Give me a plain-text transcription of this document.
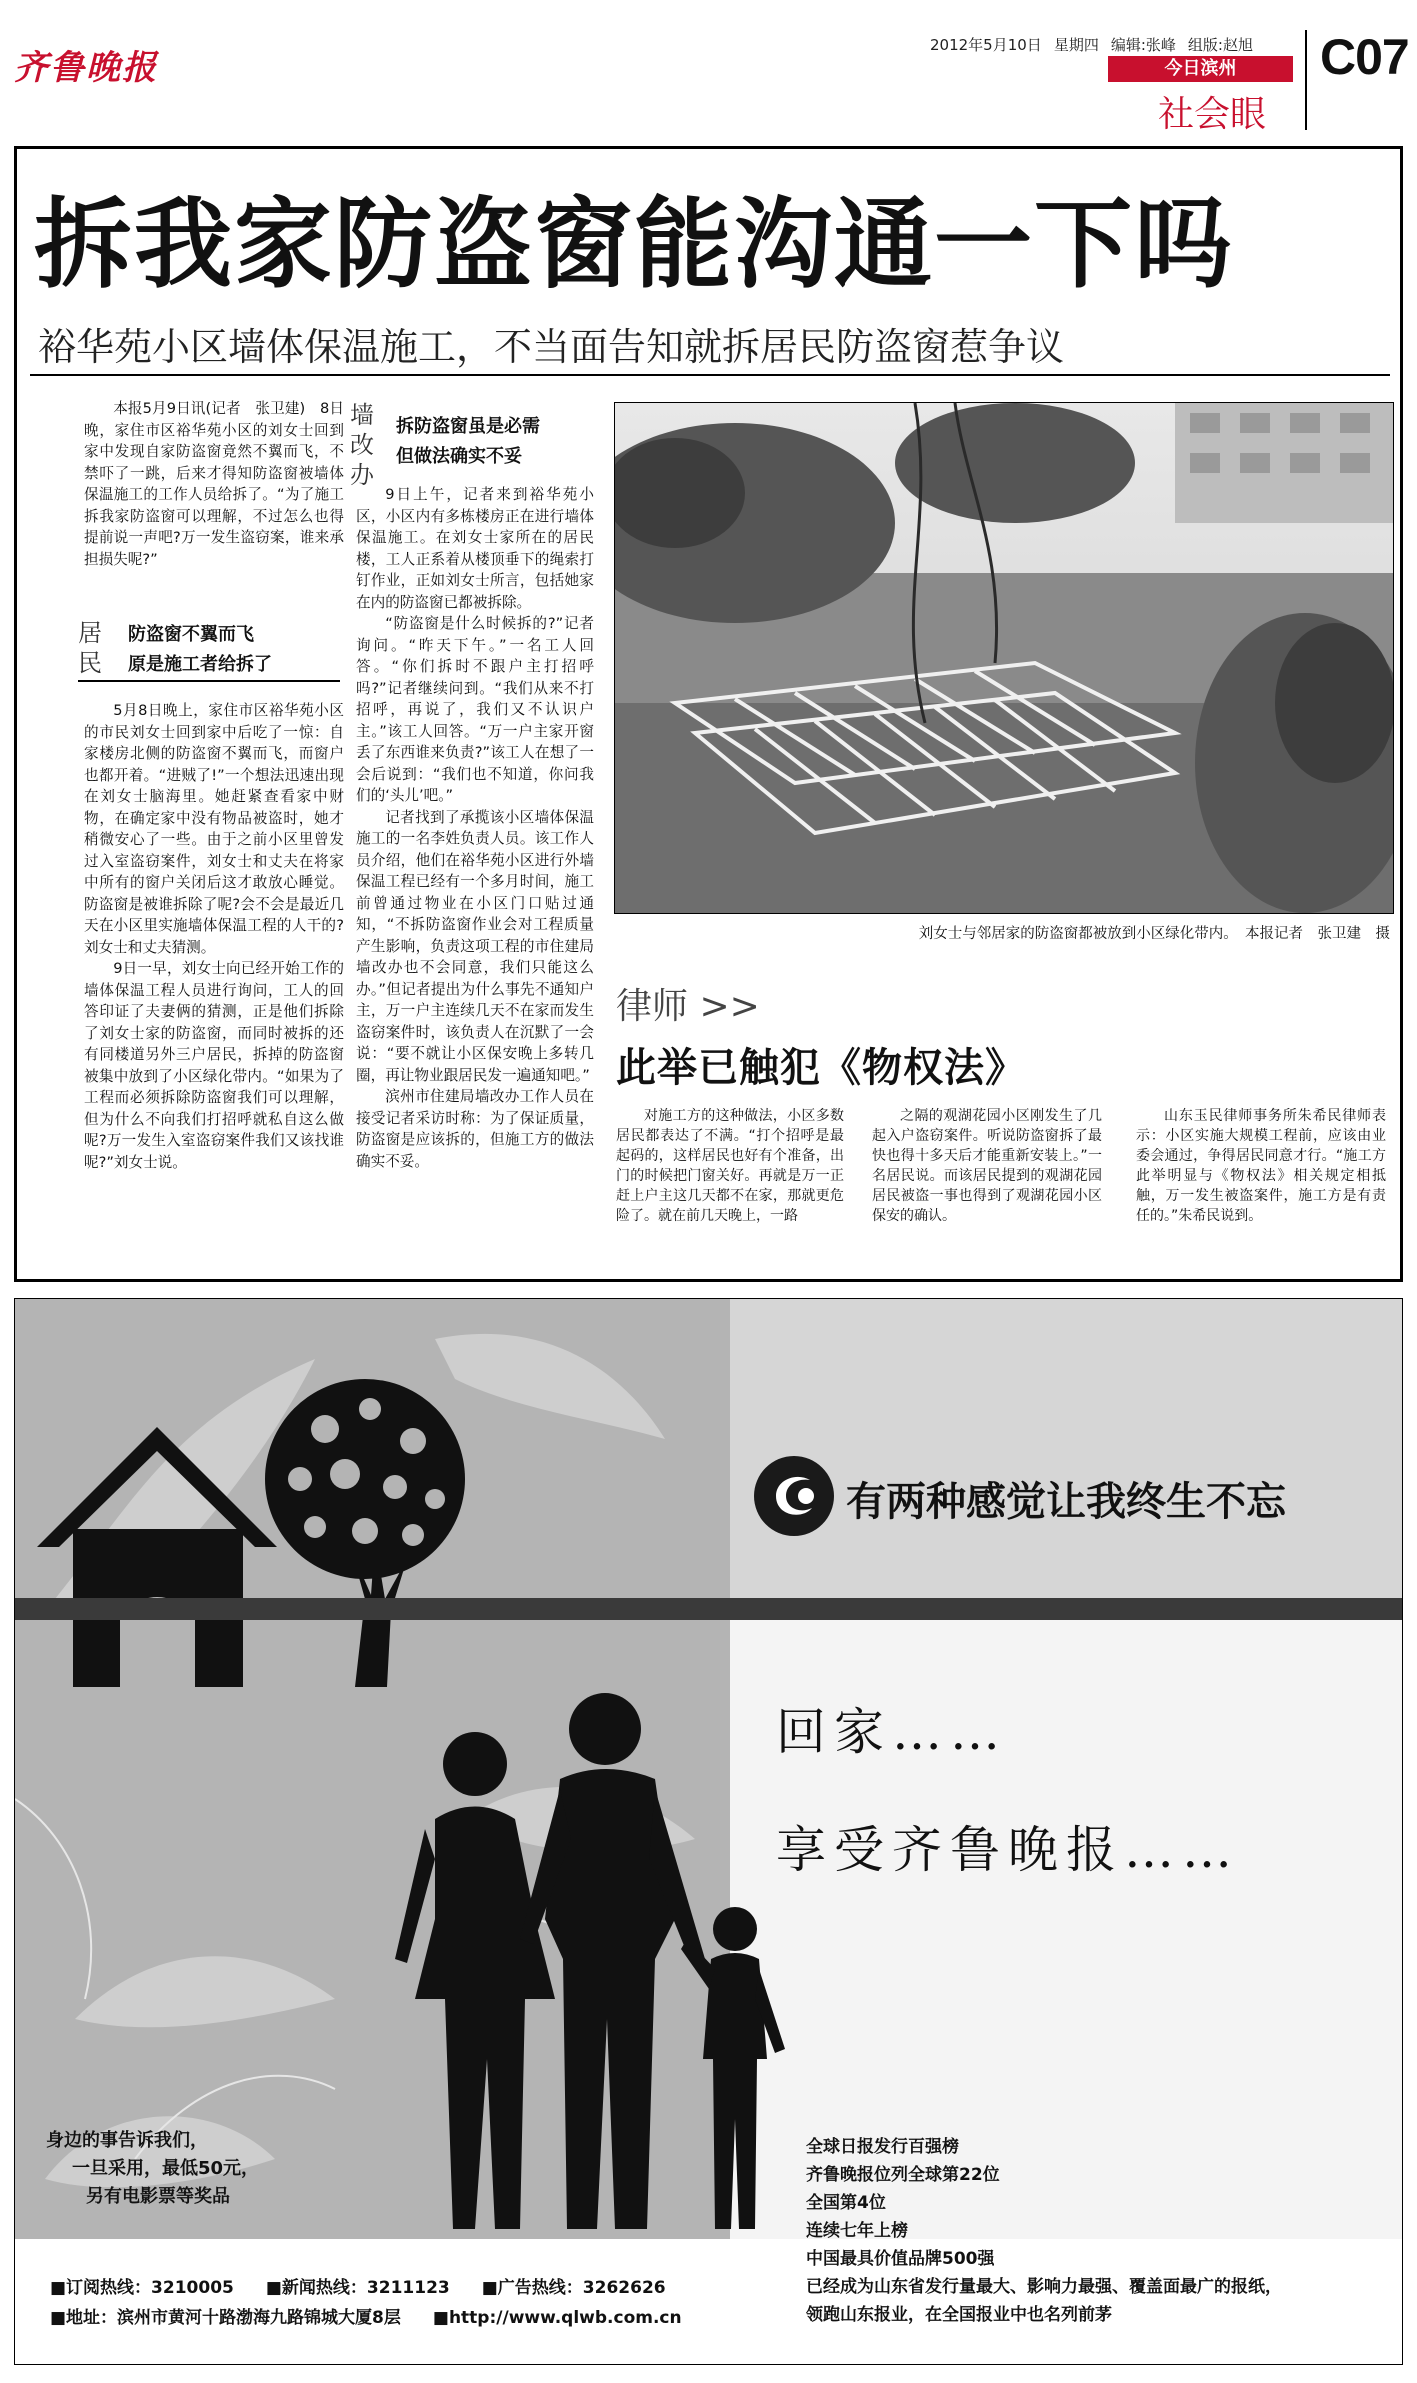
齐鲁晚报
2012年5月10日 星期四 编辑:张峰 组版:赵旭
今日滨州
社会眼
C07
拆我家防盗窗能沟通一下吗
裕华苑小区墙体保温施工，不当面告知就拆居民防盗窗惹争议

本报5月9日讯(记者　张卫建)　8日晚，家住市区裕华苑小区的刘女士回到家中发现自家防盗窗竟然不翼而飞，不禁吓了一跳，后来才得知防盗窗被墙体保温施工的工作人员给拆了。“为了施工拆我家防盗窗可以理解，不过怎么也得提前说一声吧?万一发生盗窃案，谁来承担损失呢?”

居民
防盗窗不翼而飞
原是施工者给拆了

5月8日晚上，家住市区裕华苑小区的市民刘女士回到家中后吃了一惊：自家楼房北侧的防盗窗不翼而飞，而窗户也都开着。“进贼了!”一个想法迅速出现在刘女士脑海里。她赶紧查看家中财物，在确定家中没有物品被盗时，她才稍微安心了一些。由于之前小区里曾发过入室盗窃案件，刘女士和丈夫在将家中所有的窗户关闭后这才敢放心睡觉。防盗窗是被谁拆除了呢?会不会是最近几天在小区里实施墙体保温工程的人干的?刘女士和丈夫猜测。

9日一早，刘女士向已经开始工作的墙体保温工程人员进行询问，工人的回答印证了夫妻俩的猜测，正是他们拆除了刘女士家的防盗窗，而同时被拆的还有同楼道另外三户居民，拆掉的防盗窗被集中放到了小区绿化带内。“如果为了工程而必须拆除防盗窗我们可以理解，但为什么不向我们打招呼就私自这么做呢?万一发生入室盗窃案件我们又该找谁呢?”刘女士说。

墙改办
拆防盗窗虽是必需
但做法确实不妥

9日上午，记者来到裕华苑小区，小区内有多栋楼房正在进行墙体保温施工。在刘女士家所在的居民楼，工人正系着从楼顶垂下的绳索打钉作业，正如刘女士所言，包括她家在内的防盗窗已都被拆除。

“防盗窗是什么时候拆的?”记者询问。“昨天下午。”一名工人回答。“你们拆时不跟户主打招呼吗?”记者继续问到。“我们从来不打招呼，再说了，我们又不认识户主。”该工人回答。“万一户主家开窗丢了东西谁来负责?”该工人在想了一会后说到：“我们也不知道，你问我们的‘头儿’吧。”

记者找到了承揽该小区墙体保温施工的一名李姓负责人员。该工作人员介绍，他们在裕华苑小区进行外墙保温工程已经有一个多月时间，施工前曾通过物业在小区门口贴过通知，“不拆防盗窗作业会对工程质量产生影响，负责这项工程的市住建局墙改办也不会同意，我们只能这么办。”但记者提出为什么事先不通知户主，万一户主连续几天不在家而发生盗窃案件时，该负责人在沉默了一会说：“要不就让小区保安晚上多转几圈，再让物业跟居民发一遍通知吧。”

滨州市住建局墙改办工作人员在接受记者采访时称：为了保证质量，防盗窗是应该拆的，但施工方的做法确实不妥。

刘女士与邻居家的防盗窗都被放到小区绿化带内。　本报记者　张卫建　摄
律师 >>
此举已触犯《物权法》

对施工方的这种做法，小区多数居民都表达了不满。“打个招呼是最起码的，这样居民也好有个准备，出门的时候把门窗关好。再就是万一正赶上户主这几天都不在家，那就更危险了。就在前几天晚上，一路

之隔的观湖花园小区刚发生了几起入户盗窃案件。听说防盗窗拆了最快也得十多天后才能重新安装上。”一名居民说。而该居民提到的观湖花园居民被盗一事也得到了观湖花园小区保安的确认。

山东玉民律师事务所朱希民律师表示：小区实施大规模工程前，应该由业委会通过，争得居民同意才行。“施工方此举明显与《物权法》相关规定相抵触，万一发生被盗案件，施工方是有责任的。”朱希民说到。

有两种感觉让我终生不忘
回家……
享受齐鲁晚报……
身边的事告诉我们，
一旦采用，最低50元，
另有电影票等奖品
全球日报发行百强榜
齐鲁晚报位列全球第22位
全国第4位
连续七年上榜
中国最具价值品牌500强
已经成为山东省发行量最大、影响力最强、覆盖面最广的报纸，
领跑山东报业，在全国报业中也名列前茅
■订阅热线：3210005 ■新闻热线：3211123 ■广告热线：3262626
■地址：滨州市黄河十路渤海九路锦城大厦8层 ■http://www.qlwb.com.cn
